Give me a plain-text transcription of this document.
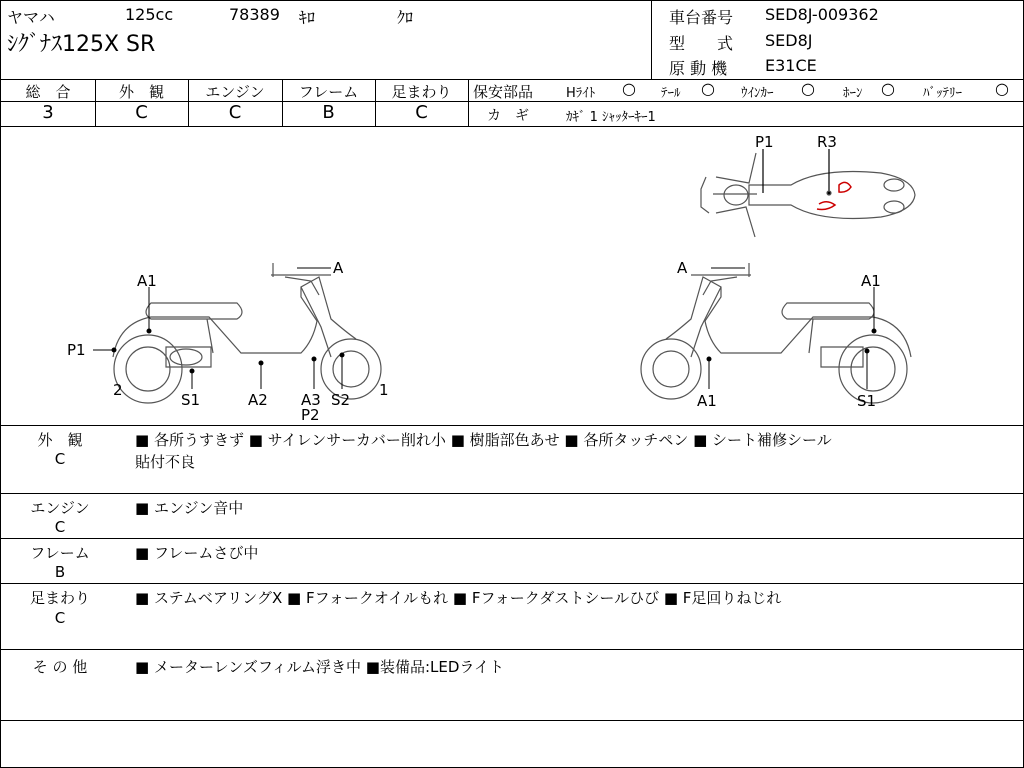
ヤマハ	125cc	78389 ｷﾛ	ｸﾛ
ｼｸﾞﾅｽ125X SR
車台番号 SED8J-009362
型　　式 SED8J
原 動 機 E31CE
総　合
3
外　観
C
エンジン
C
フレーム
B
足まわり
C
保安部品	Hﾗｲﾄ ○ ﾃｰﾙ ○ ｳｲﾝｶｰ ○ ﾎｰﾝ ○ ﾊﾞｯﾃﾘｰ ○
カ　ギ	ｶｷﾞ 1 ｼｬｯﾀｰｷｰ1
P1	R3
A
A1
P1
2
S1	A2 A3
P2
S2
1
A
A1
A1	S1
外　観
C
■ 各所うすきず ■ サイレンサーカバー削れ小 ■ 樹脂部色あせ ■ 各所タッチペン ■ シート補修シール
貼付不良
エンジン
C
■ エンジン音中
フレーム
B
■ フレームさび中
足まわり
C
■ ステムベアリングX ■ Fフォークオイルもれ ■ Fフォークダストシールひび ■ F足回りねじれ
そ の 他	■ メーターレンズフィルム浮き中 ■装備品:LEDライト
